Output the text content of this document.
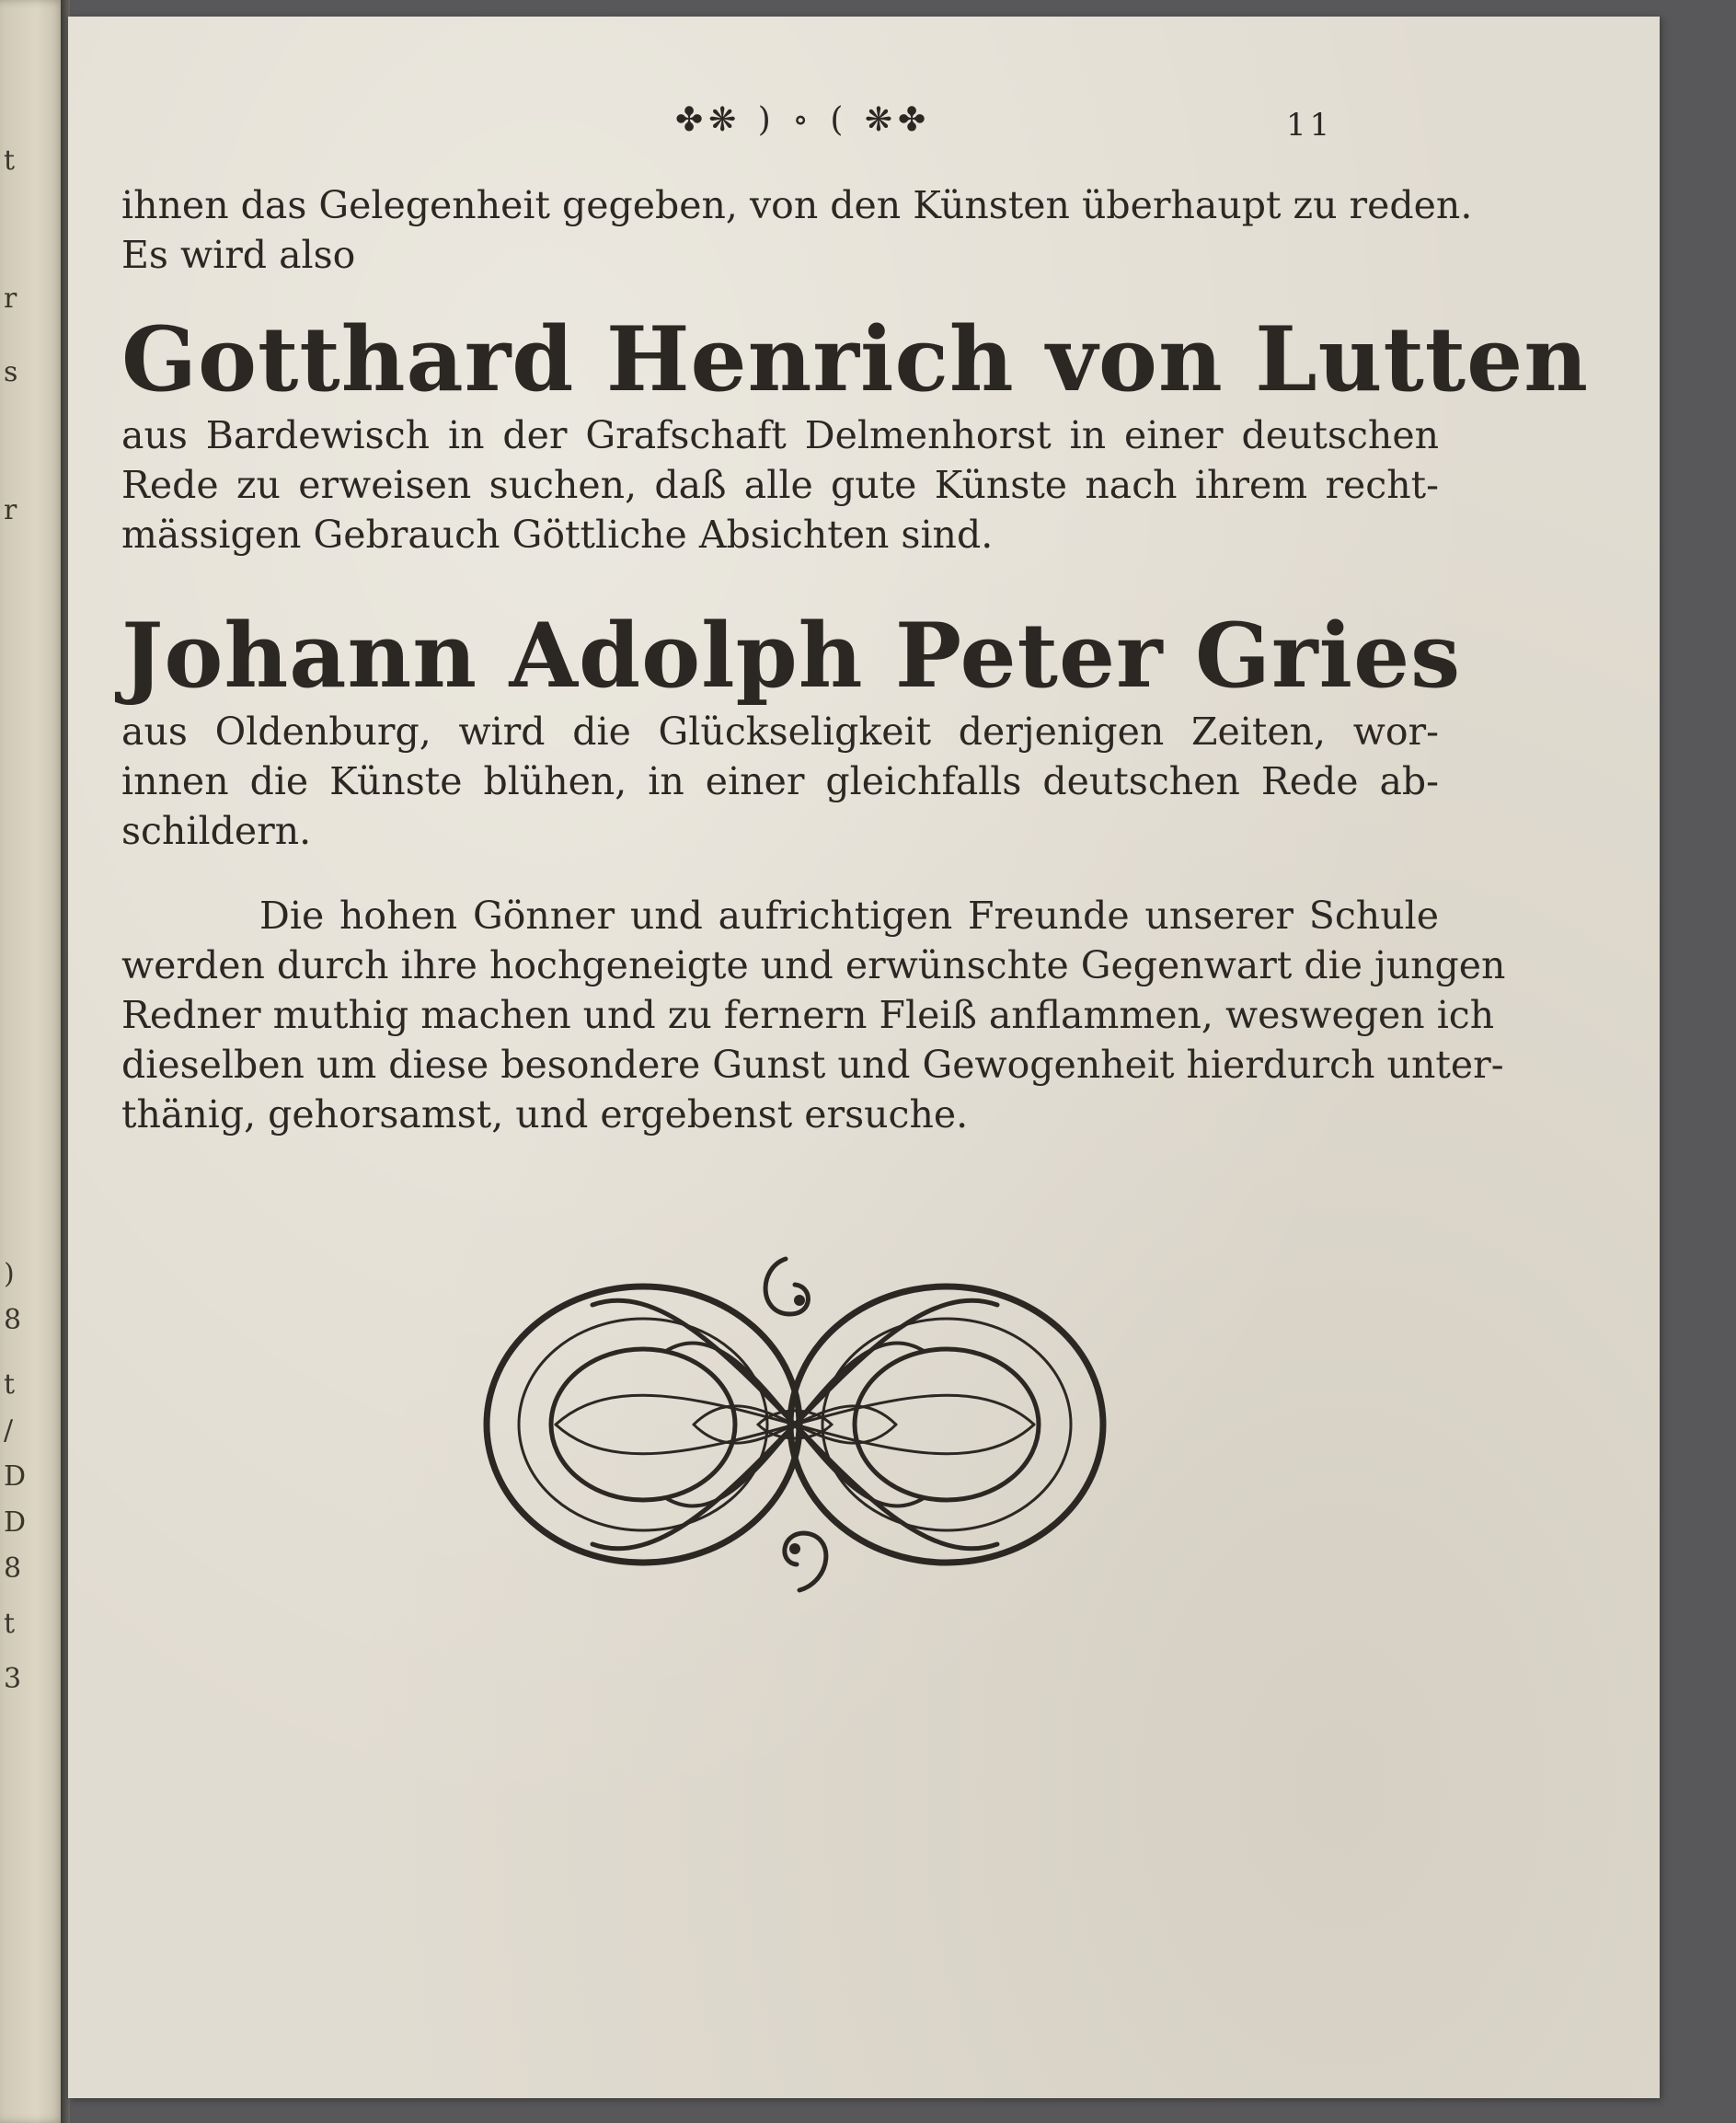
t
r
s
r
)
8
t
/
D
D
8
t
3
✤❋ ) ∘ ( ❋✤	11
ihnen das Gelegenheit gegeben, von den Künsten überhaupt zu reden.
Es wird also
Gotthard Henrich von Lutten
aus Bardewisch in der Grafschaft Delmenhorst in einer deutschen
Rede zu erweisen suchen, daß alle gute Künste nach ihrem recht-
mässigen Gebrauch Göttliche Absichten sind.
Johann Adolph Peter Gries
aus Oldenburg, wird die Glückseligkeit derjenigen Zeiten, wor-
innen die Künste blühen, in einer gleichfalls deutschen Rede ab-
schildern.
Die hohen Gönner und aufrichtigen Freunde unserer Schule
werden durch ihre hochgeneigte und erwünschte Gegenwart die jungen
Redner muthig machen und zu fernern Fleiß anflammen, weswegen ich
dieselben um diese besondere Gunst und Gewogenheit hierdurch unter-
thänig, gehorsamst, und ergebenst ersuche.
